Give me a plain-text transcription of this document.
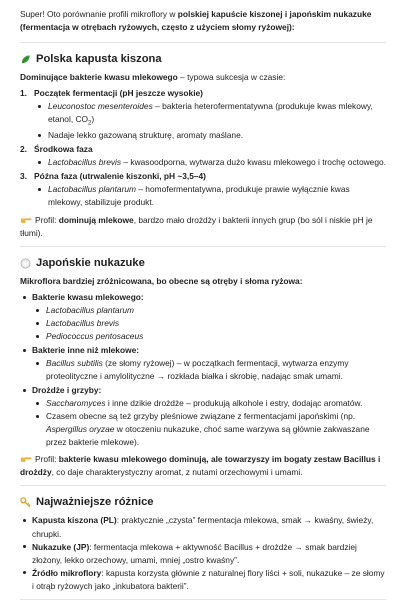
Super! Oto porównanie profili mikroflory w polskiej kapuście kiszonej i japońskim nukazuke (fermentacja w otrębach ryżowych, często z użyciem słomy ryżowej):

Polska kapusta kiszona

Dominujące bakterie kwasu mlekowego – typowa sukcesja w czasie:

1. Początek fermentacji (pH jeszcze wysokie)
Leuconostoc mesenteroides – bakteria heterofermentatywna (produkuje kwas mlekowy, etanol, $CO_2$)
Nadaje lekko gazowaną strukturę, aromaty maślane.
2. Środkowa faza
Lactobacillus brevis – kwasoodporna, wytwarza dużo kwasu mlekowego i trochę octowego.
3. Późna faza (utrwalenie kiszonki, pH ~3,5–4)
Lactobacillus plantarum – homofermentatywna, produkuje prawie wyłącznie kwas mlekowy, stabilizuje produkt.

Profil: dominują mlekowe, bardzo mało drożdży i bakterii innych grup (bo sól i niskie pH je tłumi).

Japońskie nukazuke

Mikroflora bardziej zróżnicowana, bo obecne są otręby i słoma ryżowa:

Bakterie kwasu mlekowego:
Lactobacillus plantarum
Lactobacillus brevis
Pediococcus pentosaceus
Bakterie inne niż mlekowe:
Bacillus subtilis (ze słomy ryżowej) – w początkach fermentacji, wytwarza enzymy proteolityczne i amylolityczne → rozkłada białka i skrobię, nadając smak umami.
Drożdże i grzyby:
Saccharomyces i inne dzikie drożdże – produkują alkohole i estry, dodając aromatów.
Czasem obecne są też grzyby pleśniowe związane z fermentacjami japońskimi (np. Aspergillus oryzae w otoczeniu nukazuke, choć same warzywa są głównie zakwaszane przez bakterie mlekowe).

Profil: bakterie kwasu mlekowego dominują, ale towarzyszy im bogaty zestaw Bacillus i drożdży, co daje charakterystyczny aromat, z nutami orzechowymi i umami.

Najważniejsze różnice
Kapusta kiszona (PL): praktycznie „czysta” fermentacja mlekowa, smak → kwaśny, świeży, chrupki.
Nukazuke (JP): fermentacja mlekowa + aktywność Bacillus + drożdże → smak bardziej złożony, lekko orzechowy, umami, mniej „ostro kwaśny”.
Źródło mikroflory: kapusta korzysta głównie z naturalnej flory liści + soli, nukazuke – ze słomy i otrąb ryżowych jako „inkubatora bakterii”.
